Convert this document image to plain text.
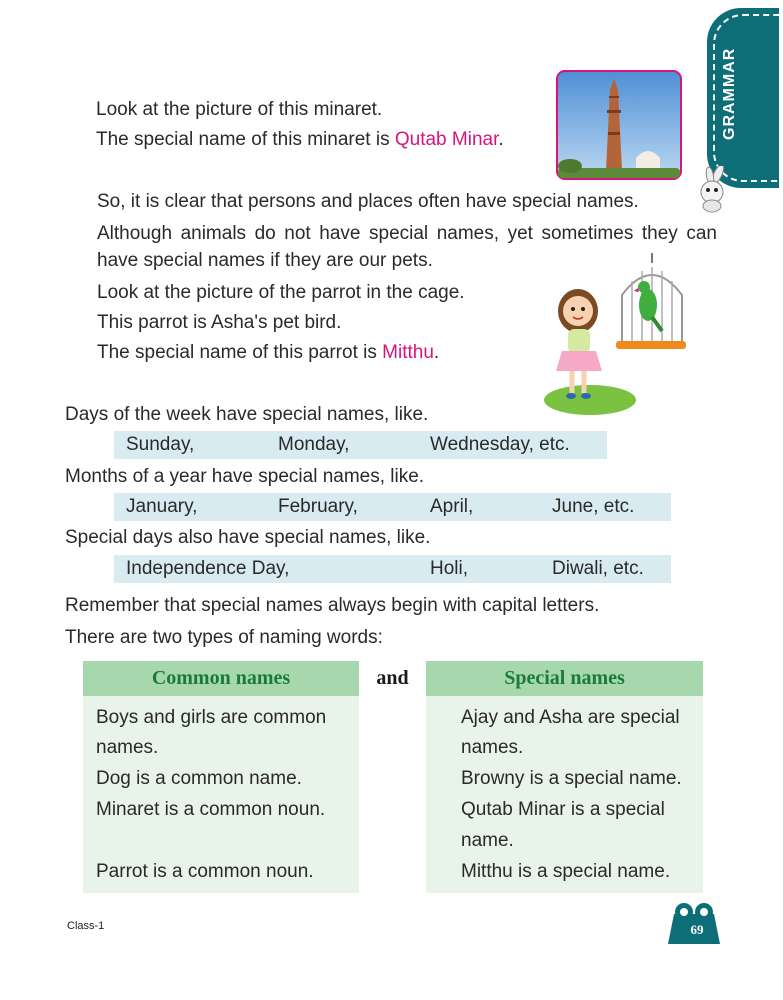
GRAMMAR
Look at the picture of this minaret.
The special name of this minaret is Qutab Minar.
So, it is clear that persons and places often have special names.
Although animals do not have special names, yet sometimes they can
have special names if they are our pets.
Look at the picture of the parrot in the cage.
This parrot is Asha's pet bird.
The special name of this parrot is Mitthu.
Days of the week have special names, like.
Sunday,	Monday,	Wednesday, etc.
Months of a year have special names, like.
January,	February,	April,	June, etc.
Special days also have special names, like.
Independence Day,	Holi,	Diwali, etc.
Remember that special names always begin with capital letters.
There are two types of naming words:
Common names	and	Special names
Boys and girls are common
names.
Dog is a common name.
Minaret is a common noun.
Parrot is a common noun.
Ajay and Asha are special
names.
Browny is a special name.
Qutab Minar is a special
name.
Mitthu is a special name.
Class-1	69
